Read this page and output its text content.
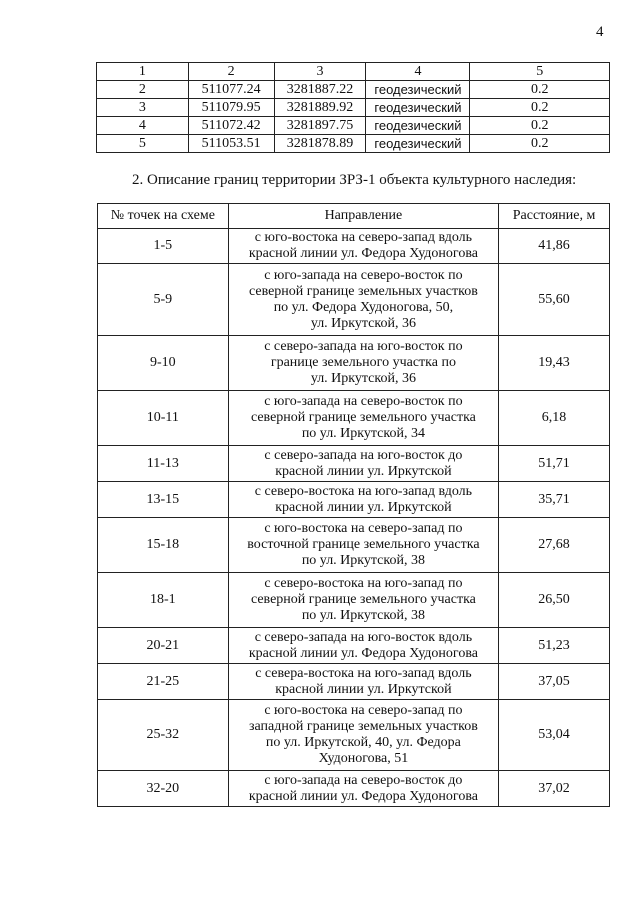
4
1	2	3	4	5
2	511077.24	3281887.22	геодезический	0.2
3	511079.95	3281889.92	геодезический	0.2
4	511072.42	3281897.75	геодезический	0.2
5	511053.51	3281878.89	геодезический	0.2
2. Описание границ территории ЗРЗ-1 объекта культурного наследия:
№ точек на схеме	Направление	Расстояние, м
1-5	с юго-востока на северо-запад вдоль
красной линии ул. Федора Худоногова	41,86
5-9	с юго-запада на северо-восток по
северной границе земельных участков
по ул. Федора Худоногова, 50,
ул. Иркутской, 36	55,60
9-10	с северо-запада на юго-восток по
границе земельного участка по
ул. Иркутской, 36	19,43
10-11	с юго-запада на северо-восток по
северной границе земельного участка
по ул. Иркутской, 34	6,18
11-13	с северо-запада на юго-восток до
красной линии ул. Иркутской	51,71
13-15	с северо-востока на юго-запад вдоль
красной линии ул. Иркутской	35,71
15-18	с юго-востока на северо-запад по
восточной границе земельного участка
по ул. Иркутской, 38	27,68
18-1	с северо-востока на юго-запад по
северной границе земельного участка
по ул. Иркутской, 38	26,50
20-21	с северо-запада на юго-восток вдоль
красной линии ул. Федора Худоногова	51,23
21-25	с севера-востока на юго-запад вдоль
красной линии ул. Иркутской	37,05
25-32	с юго-востока на северо-запад по
западной границе земельных участков
по ул. Иркутской, 40, ул. Федора
Худоногова, 51	53,04
32-20	с юго-запада на северо-восток до
красной линии ул. Федора Худоногова	37,02
